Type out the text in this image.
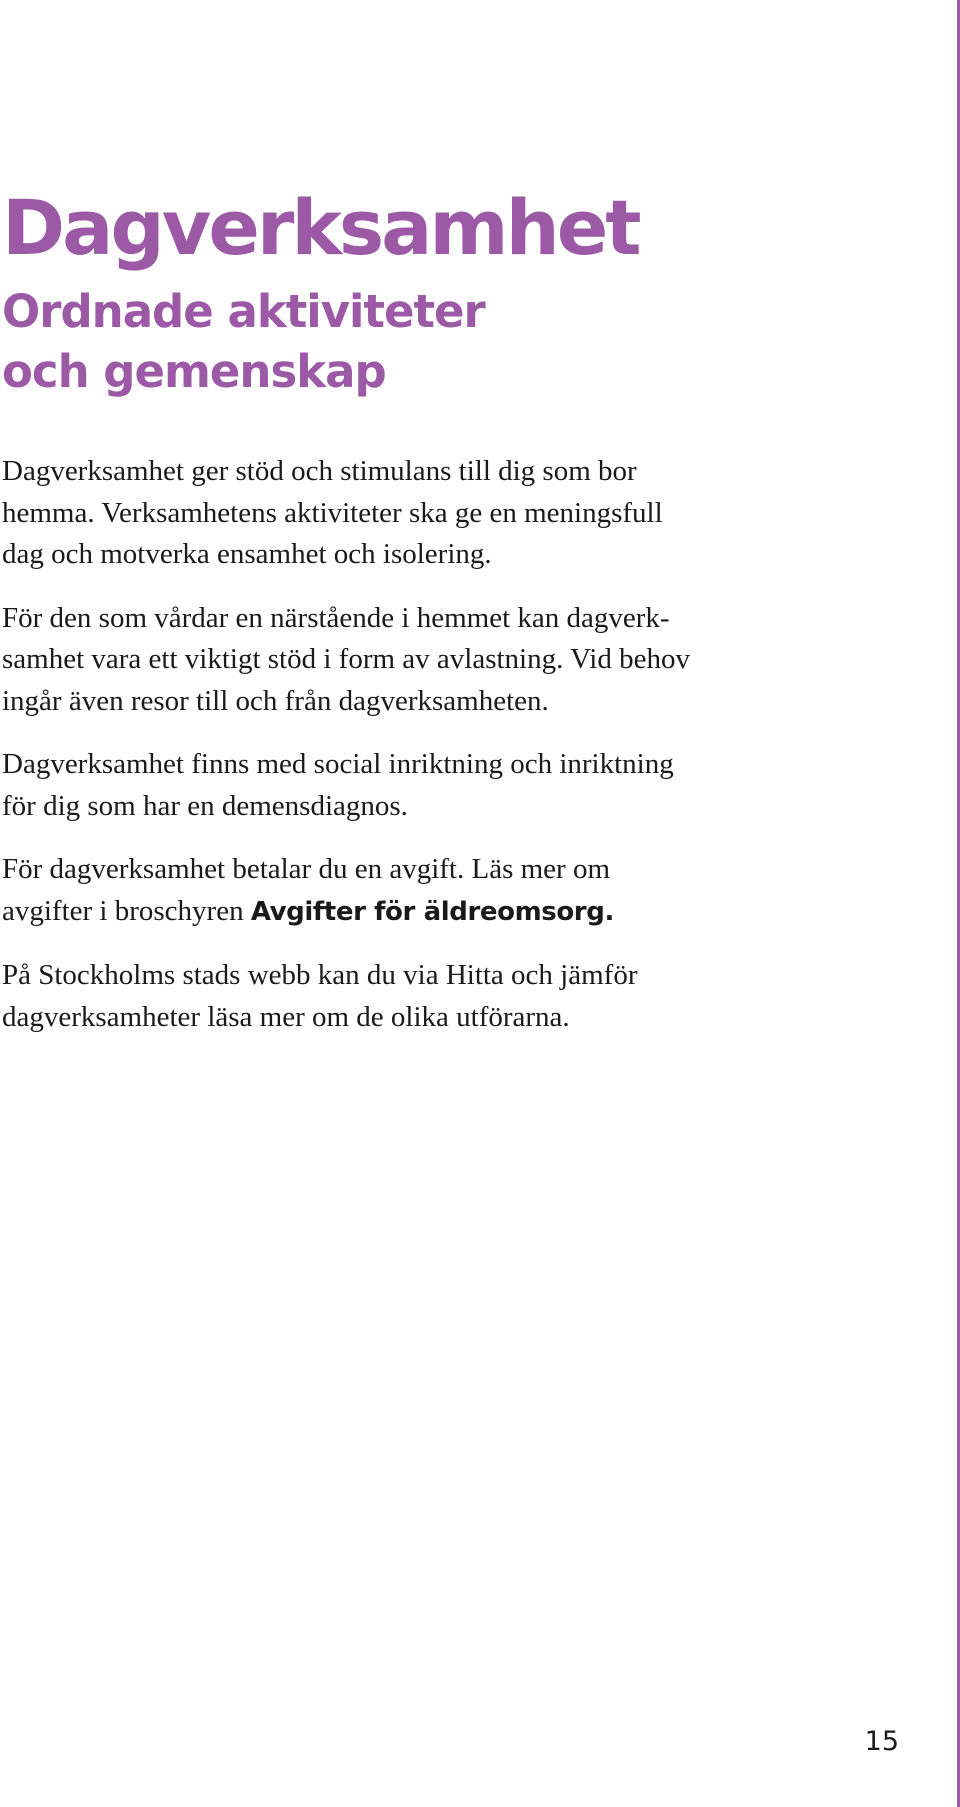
Dagverksamhet
Ordnade aktiviteter
och gemenskap

Dagverksamhet ger stöd och stimulans till dig som bor
hemma. Verksamhetens aktiviteter ska ge en meningsfull
dag och motverka ensamhet och isolering.

För den som vårdar en närstående i hemmet kan dagverk-
samhet vara ett viktigt stöd i form av avlastning. Vid behov
ingår även resor till och från dagverksamheten.

Dagverksamhet finns med social inriktning och inriktning
för dig som har en demensdiagnos.

För dagverksamhet betalar du en avgift. Läs mer om
avgifter i broschyren Avgifter för äldreomsorg.

På Stockholms stads webb kan du via Hitta och jämför
dagverksamheter läsa mer om de olika utförarna.

15
